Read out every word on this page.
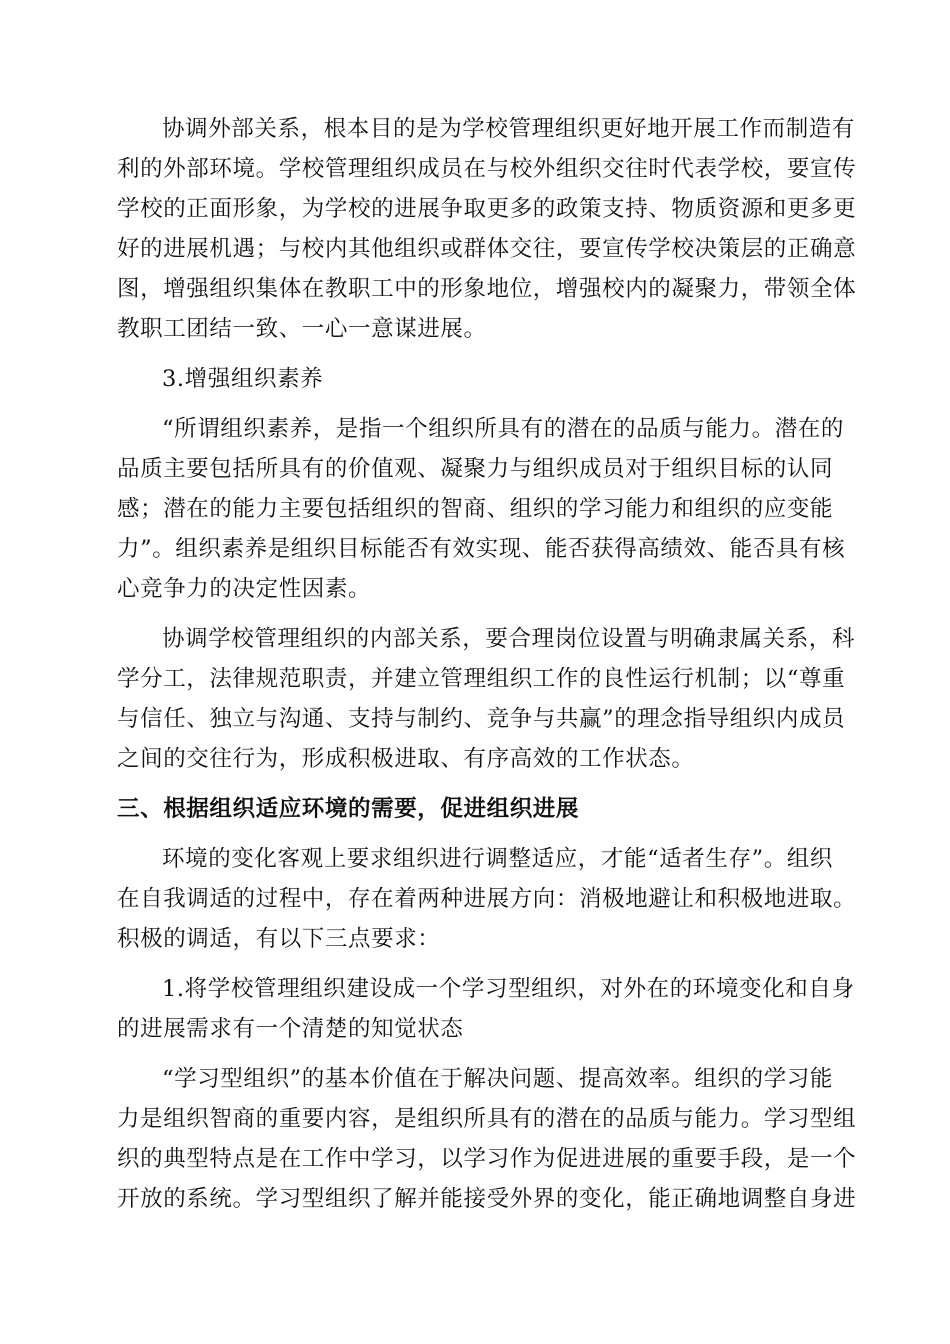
协调外部关系，根本目的是为学校管理组织更好地开展工作而制造有
利的外部环境。学校管理组织成员在与校外组织交往时代表学校，要宣传
学校的正面形象，为学校的进展争取更多的政策支持、物质资源和更多更
好的进展机遇；与校内其他组织或群体交往，要宣传学校决策层的正确意
图，增强组织集体在教职工中的形象地位，增强校内的凝聚力，带领全体
教职工团结一致、一心一意谋进展。
3.增强组织素养
“所谓组织素养，是指一个组织所具有的潜在的品质与能力。潜在的
品质主要包括所具有的价值观、凝聚力与组织成员对于组织目标的认同
感；潜在的能力主要包括组织的智商、组织的学习能力和组织的应变能
力”。组织素养是组织目标能否有效实现、能否获得高绩效、能否具有核
心竞争力的决定性因素。
协调学校管理组织的内部关系，要合理岗位设置与明确隶属关系，科
学分工，法律规范职责，并建立管理组织工作的良性运行机制；以“尊重
与信任、独立与沟通、支持与制约、竞争与共赢”的理念指导组织内成员
之间的交往行为，形成积极进取、有序高效的工作状态。
三、根据组织适应环境的需要，促进组织进展
环境的变化客观上要求组织进行调整适应，才能“适者生存”。组织
在自我调适的过程中，存在着两种进展方向：消极地避让和积极地进取。
积极的调适，有以下三点要求：
1.将学校管理组织建设成一个学习型组织，对外在的环境变化和自身
的进展需求有一个清楚的知觉状态
“学习型组织”的基本价值在于解决问题、提高效率。组织的学习能
力是组织智商的重要内容，是组织所具有的潜在的品质与能力。学习型组
织的典型特点是在工作中学习，以学习作为促进进展的重要手段，是一个
开放的系统。学习型组织了解并能接受外界的变化，能正确地调整自身进
